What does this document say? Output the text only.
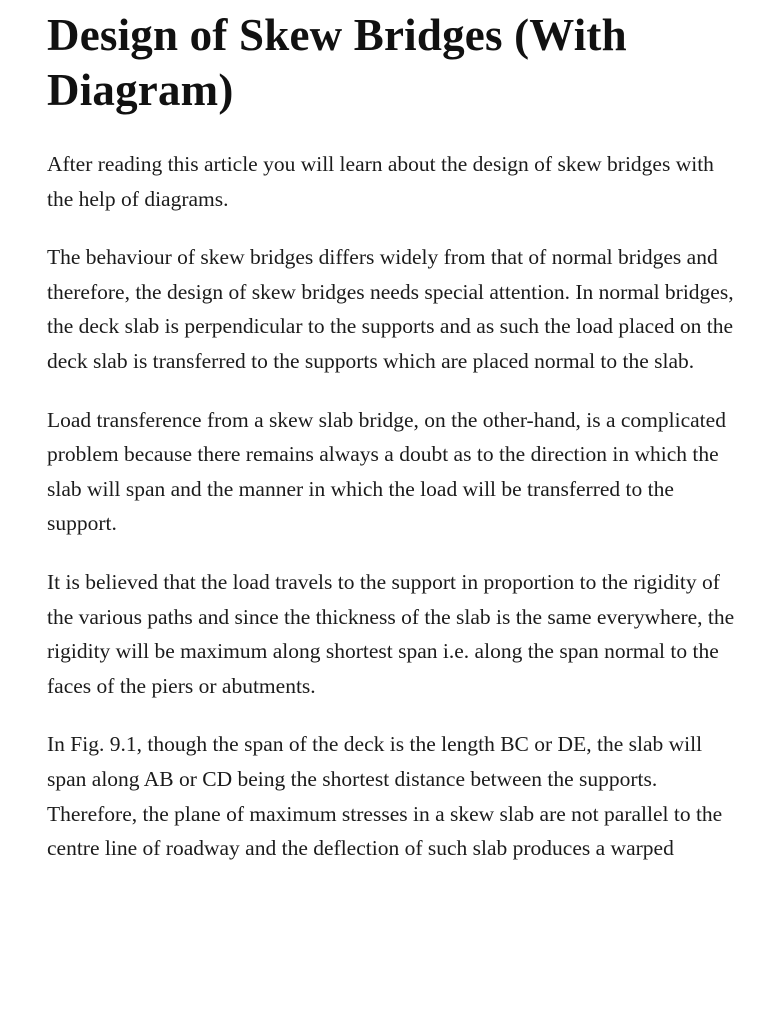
Design of Skew Bridges (With Diagram)

After reading this article you will learn about the design of skew bridges with the help of diagrams.

The behaviour of skew bridges differs widely from that of normal bridges and therefore, the design of skew bridges needs special attention. In normal bridges, the deck slab is perpendicular to the supports and as such the load placed on the deck slab is transferred to the supports which are placed normal to the slab.

Load transference from a skew slab bridge, on the other-hand, is a complicated problem because there remains always a doubt as to the direction in which the slab will span and the manner in which the load will be transferred to the support.

It is believed that the load travels to the support in proportion to the rigidity of the various paths and since the thickness of the slab is the same everywhere, the rigidity will be maximum along shortest span i.e. along the span normal to the faces of the piers or abutments.

In Fig. 9.1, though the span of the deck is the length BC or DE, the slab will span along AB or CD being the shortest distance between the supports. Therefore, the plane of maximum stresses in a skew slab are not parallel to the centre line of roadway and the deflection of such slab produces a warped
